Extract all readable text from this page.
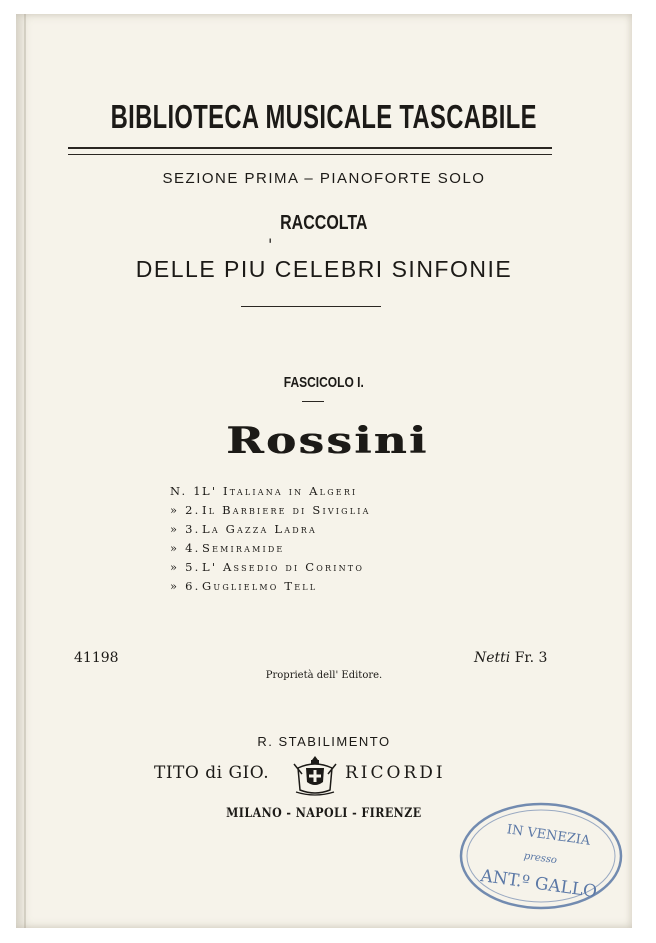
BIBLIOTECA MUSICALE TASCABILE
SEZIONE PRIMA – PIANOFORTE SOLO
RACCOLTA
'
DELLE PIU CELEBRI SINFONIE
FASCICOLO I.
Rossini
N. 1.L' Italiana in Algeri
» 2. Il Barbiere di Siviglia
» 3. La Gazza Ladra
» 4. Semiramide
» 5. L' Assedio di Corinto
» 6. Guglielmo Tell
41198	Netti Fr. 3
Proprietà dell' Editore.
R. STABILIMENTO
TITO di GIO.	RICORDI
MILANO - NAPOLI - FIRENZE
IN VENEZIA
presso
ANT.º GALLO
